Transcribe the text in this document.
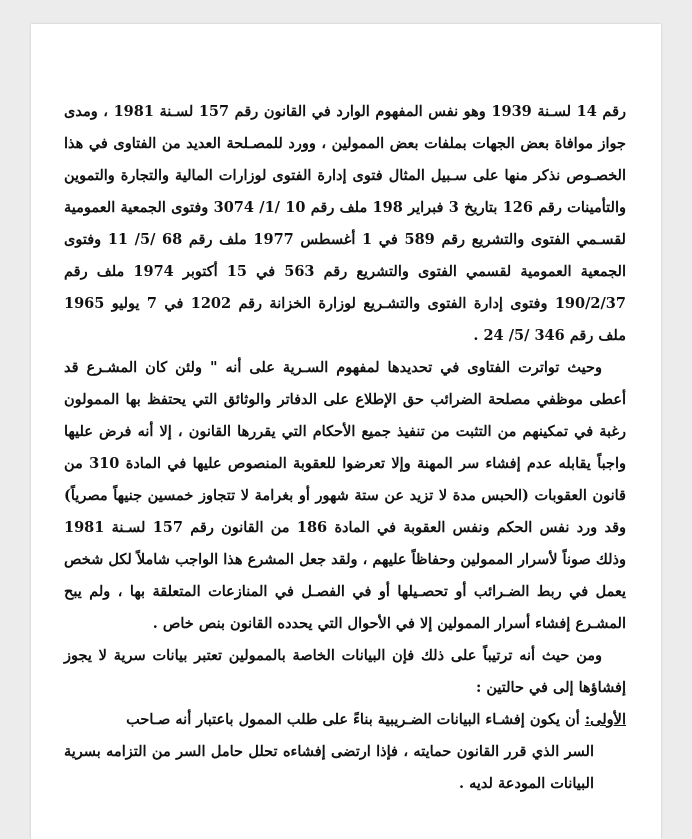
رقم 14 لسـنة 1939 وهو نفس المفهوم الوارد في القانون رقم 157 لسـنة 1981 ، ومدى جواز موافاة بعض الجهات بملفات بعض الممولين ، وورد للمصـلحة العديد من الفتاوى في هذا الخصـوص نذكر منها على سـبيل المثال فتوى إدارة الفتوى لوزارات المالية والتجارة والتموين والتأمينات رقم 126 بتاريخ 3 فبراير 198 ملف رقم 10 /1/ 3074 وفتوى الجمعية العمومية لقسـمي الفتوى والتشريع رقم 589 في 1 أغسطس 1977 ملف رقم 68 /5/ 11 وفتوى الجمعية العمومية لقسمي الفتوى والتشريع رقم 563 في 15 أكتوبر 1974 ملف رقم 190/2/37 وفتوى إدارة الفتوى والتشـريع لوزارة الخزانة رقم 1202 في 7 يوليو 1965 ملف رقم 346 /5/ 24 .

وحيث تواترت الفتاوى في تحديدها لمفهوم السـرية على أنه " ولئن كان المشـرع قد أعطى موظفي مصلحة الضرائب حق الإطلاع على الدفاتر والوثائق التي يحتفظ بها الممولون رغبة في تمكينهم من التثبت من تنفيذ جميع الأحكام التي يقررها القانون ، إلا أنه فرض عليها واجباً يقابله عدم إفشاء سر المهنة وإلا تعرضوا للعقوبة المنصوص عليها في المادة 310 من قانون العقوبات (الحبس مدة لا تزيد عن ستة شهور أو بغرامة لا تتجاوز خمسين جنيهاً مصرياً) وقد ورد نفس الحكم ونفس العقوبة في المادة 186 من القانون رقم 157 لسـنة 1981 وذلك صوناً لأسرار الممولين وحفاظاً عليهم ، ولقد جعل المشرع هذا الواجب شاملاً لكل شخص يعمل في ربط الضـرائب أو تحصـيلها أو في الفصـل في المنازعات المتعلقة بها ، ولم يبح المشـرع إفشاء أسرار الممولين إلا في الأحوال التي يحدده القانون بنص خاص .

ومن حيث أنه ترتيباً على ذلك فإن البيانات الخاصة بالممولين تعتبر بيانات سرية لا يجوز إفشاؤها إلى في حالتين :

الأولى: أن يكون إفشـاء البيانات الضـريبية بناءً على طلب الممول باعتبار أنه صـاحب
السر الذي قرر القانون حمايته ، فإذا ارتضى إفشاءه تحلل حامل السر من التزامه بسرية البيانات المودعة لديه .
